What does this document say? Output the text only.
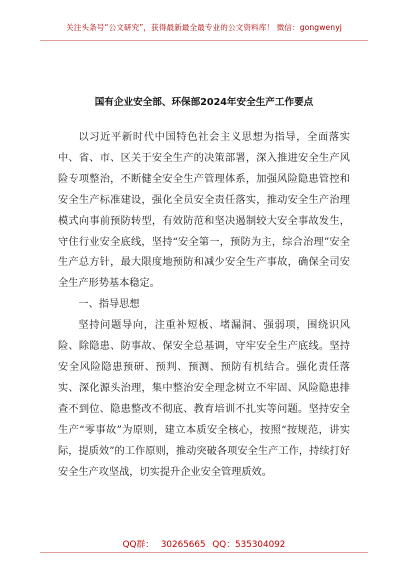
关注头条号“公文研究”，获得最新最全最专业的公文资料库！ 微信：gongwenyj
国有企业安全部、环保部2024年安全生产工作要点

以习近平新时代中国特色社会主义思想为指导，全面落实中、省、市、区关于安全生产的决策部署，深入推进安全生产风险专项整治，不断健全安全生产管理体系，加强风险隐患管控和安全生产标准建设，强化全员安全责任落实，推动安全生产治理模式向事前预防转型，有效防范和坚决遏制较大安全事故发生，守住行业安全底线，坚持“安全第一，预防为主，综合治理”安全生产总方针，最大限度地预防和减少安全生产事故，确保全司安全生产形势基本稳定。

一、指导思想

坚持问题导向，注重补短板、堵漏洞、强弱项，围绕识风险、除隐患、防事故、保安全总基调，守牢安全生产底线。坚持安全风险隐患预研、预判、预测、预防有机结合。强化责任落实、深化源头治理，集中整治安全理念树立不牢固、风险隐患排查不到位、隐患整改不彻底、教育培训不扎实等问题。坚持安全生产“零事故”为原则，建立本质安全核心，按照“按规范，讲实际，提质效”的工作原则，推动突破各项安全生产工作，持续打好安全生产攻坚战，切实提升企业安全管理质效。

QQ群： 30265665 QQ：535304092
